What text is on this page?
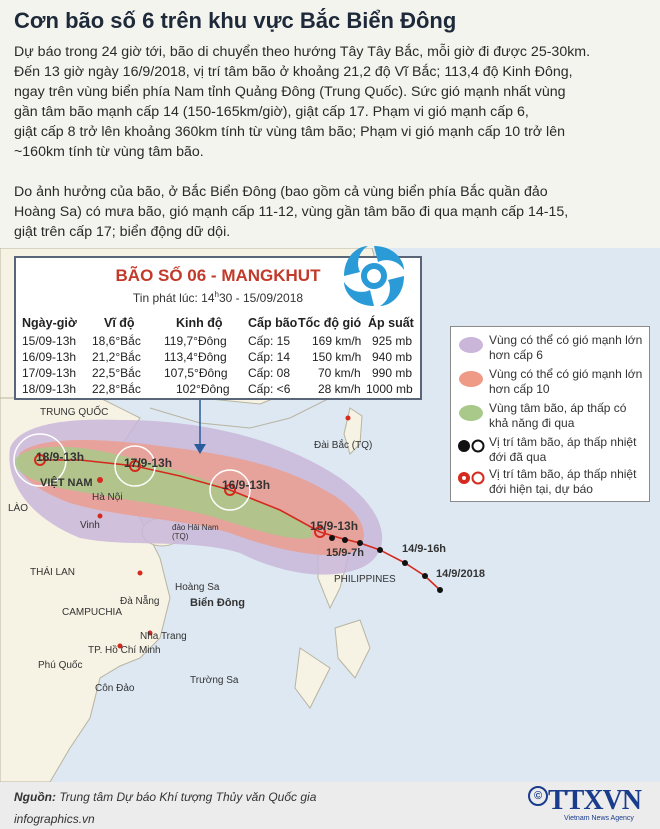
Cơn bão số 6 trên khu vực Bắc Biển Đông
Dự báo trong 24 giờ tới, bão di chuyển theo hướng Tây Tây Bắc, mỗi giờ đi được 25-30km.
Đến 13 giờ ngày 16/9/2018, vị trí tâm bão ở khoảng 21,2 độ Vĩ Bắc; 113,4 độ Kinh Đông,
ngay trên vùng biển phía Nam tỉnh Quảng Đông (Trung Quốc). Sức gió mạnh nhất vùng
gần tâm bão mạnh cấp 14 (150-165km/giờ), giật cấp 17. Phạm vi gió mạnh cấp 6,
giật cấp 8 trở lên khoảng 360km tính từ vùng tâm bão; Phạm vi gió mạnh cấp 10 trở lên
~160km tính từ vùng tâm bão.
Do ảnh hưởng của bão, ở Bắc Biển Đông (bao gồm cả vùng biển phía Bắc quần đảo
Hoàng Sa) có mưa bão, gió mạnh cấp 11-12, vùng gần tâm bão đi qua mạnh cấp 14-15,
giật trên cấp 17; biển động dữ dội.
TRUNG QUỐC
Đài Bắc (TQ)
LÀO
VIỆT NAM
Hà Nội
Vinh
THÁI LAN
CAMPUCHIA
Đà Nẵng
Hoàng Sa
Biển Đông
đảo Hải Nam (TQ)
Nha Trang
TP. Hồ Chí Minh
Phú Quốc
Côn Đảo
Trường Sa
PHILIPPINES
18/9-13h	17/9-13h
16/9-13h
15/9-13h
15/9-7h	14/9-16h
14/9/2018
BÃO SỐ 06 - MANGKHUT
Tin phát lúc: 14$^h$30 - 15/09/2018
Ngày-giờ Vĩ độ	Kinh độ Cấp bão Tốc độ gió Áp suất
15/09-13h 18,6°Bắc 119,7°Đông Cấp: 15 169 km/h 925 mb
16/09-13h 21,2°Bắc 113,4°Đông Cấp: 14 150 km/h 940 mb
17/09-13h 22,5°Bắc 107,5°Đông Cấp: 08 70 km/h 990 mb
18/09-13h 22,8°Bắc	102°Đông Cấp: <6 28 km/h 1000 mb
Vùng có thể có gió mạnh lớn hơn cấp 6
Vùng có thể có gió mạnh lớn hơn cấp 10
Vùng tâm bão, áp thấp có khả năng đi qua
Vị trí tâm bão, áp thấp nhiệt đới đã qua
Vị trí tâm bão, áp thấp nhiệt đới hiện tại, dự báo
Nguồn: Trung tâm Dự báo Khí tượng Thủy văn Quốc gia
infographics.vn
© TTXVN
Vietnam News Agency
